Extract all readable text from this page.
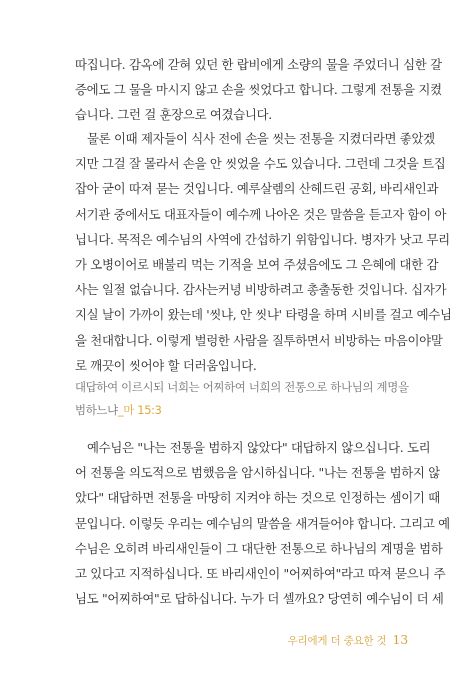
따집니다. 감옥에 갇혀 있던 한 랍비에게 소량의 물을 주었더니 심한 갈
증에도 그 물을 마시지 않고 손을 씻었다고 합니다. 그렇게 전통을 지켰
습니다. 그런 걸 훈장으로 여겼습니다.
물론 이때 제자들이 식사 전에 손을 씻는 전통을 지켰더라면 좋았겠
지만 그걸 잘 몰라서 손을 안 씻었을 수도 있습니다. 그런데 그것을 트집
잡아 굳이 따져 묻는 것입니다. 예루살렘의 산헤드린 공회, 바리새인과
서기관 중에서도 대표자들이 예수께 나아온 것은 말씀을 듣고자 함이 아
닙니다. 목적은 예수님의 사역에 간섭하기 위함입니다. 병자가 낫고 무리
가 오병이어로 배불리 먹는 기적을 보여 주셨음에도 그 은혜에 대한 감
사는 일절 없습니다. 감사는커녕 비방하려고 총출동한 것입니다. 십자가
지실 날이 가까이 왔는데 '씻냐, 안 씻냐' 타령을 하며 시비를 걸고 예수님
을 천대합니다. 이렇게 벌렁한 사람을 질투하면서 비방하는 마음이야말
로 깨끗이 씻어야 할 더러움입니다.
대답하여 이르시되 너희는 어찌하여 너희의 전통으로 하나님의 계명을
범하느냐_마 15:3
예수님은 "나는 전통을 범하지 않았다" 대답하지 않으십니다. 도리
어 전통을 의도적으로 범했음을 암시하십니다. "나는 전통을 범하지 않
았다" 대답하면 전통을 마땅히 지켜야 하는 것으로 인정하는 셈이기 때
문입니다. 이렇듯 우리는 예수님의 말씀을 새겨들어야 합니다. 그리고 예
수님은 오히려 바리새인들이 그 대단한 전통으로 하나님의 계명을 범하
고 있다고 지적하십니다. 또 바리새인이 "어찌하여"라고 따져 묻으니 주
님도 "어찌하여"로 답하십니다. 누가 더 셀까요? 당연히 예수님이 더 세
우리에게 더 중요한 것 13
